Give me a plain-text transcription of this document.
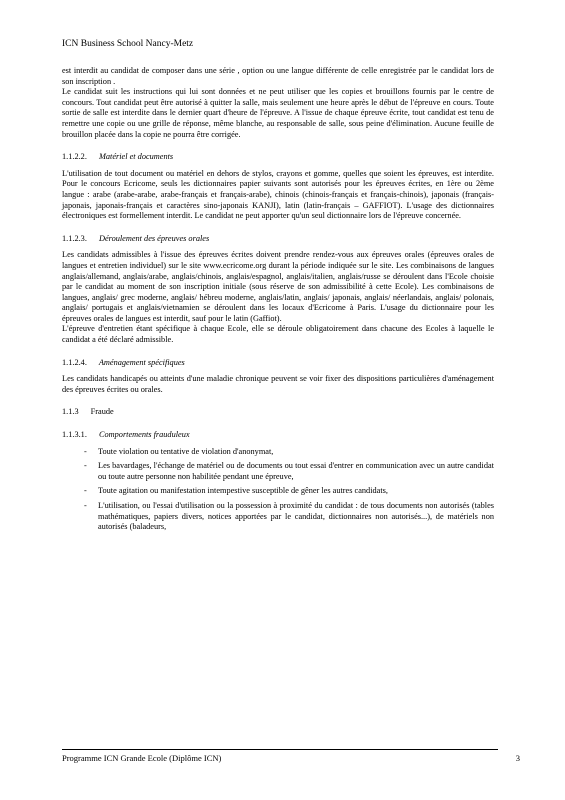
ICN Business School Nancy-Metz

est interdit au candidat de composer dans une série , option ou une langue différente de celle enregistrée par le candidat lors de son inscription .

Le candidat suit les instructions qui lui sont données et ne peut utiliser que les copies et brouillons fournis par le centre de concours. Tout candidat peut être autorisé à quitter la salle, mais seulement une heure après le début de l'épreuve en cours. Toute sortie de salle est interdite dans le dernier quart d'heure de l'épreuve. A l'issue de chaque épreuve écrite, tout candidat est tenu de remettre une copie ou une grille de réponse, même blanche, au responsable de salle, sous peine d'élimination. Aucune feuille de brouillon placée dans la copie ne pourra être corrigée.

1.1.2.2. Matériel et documents

L'utilisation de tout document ou matériel en dehors de stylos, crayons et gomme, quelles que soient les épreuves, est interdite. Pour le concours Ecricome, seuls les dictionnaires papier suivants sont autorisés pour les épreuves écrites, en 1ère ou 2ème langue : arabe (arabe-arabe, arabe-français et français-arabe), chinois (chinois-français et français-chinois), japonais (français-japonais, japonais-français et caractères sino-japonais KANJI), latin (latin-français – GAFFIOT). L'usage des dictionnaires électroniques est formellement interdit. Le candidat ne peut apporter qu'un seul dictionnaire lors de l'épreuve concernée.

1.1.2.3. Déroulement des épreuves orales

Les candidats admissibles à l'issue des épreuves écrites doivent prendre rendez-vous aux épreuves orales (épreuves orales de langues et entretien individuel) sur le site www.ecricome.org durant la période indiquée sur le site. Les combinaisons de langues anglais/allemand, anglais/arabe, anglais/chinois, anglais/espagnol, anglais/italien, anglais/russe se déroulent dans l'Ecole choisie par le candidat au moment de son inscription initiale (sous réserve de son admissibilité à cette Ecole). Les combinaisons de langues, anglais/ grec moderne, anglais/ hébreu moderne, anglais/latin, anglais/ japonais, anglais/ néerlandais, anglais/ polonais, anglais/ portugais et anglais/vietnamien se déroulent dans les locaux d'Ecricome à Paris. L'usage du dictionnaire pour les épreuves orales de langues est interdit, sauf pour le latin (Gaffiot).

L'épreuve d'entretien étant spécifique à chaque Ecole, elle se déroule obligatoirement dans chacune des Ecoles à laquelle le candidat a été déclaré admissible.

1.1.2.4. Aménagement spécifiques

Les candidats handicapés ou atteints d'une maladie chronique peuvent se voir fixer des dispositions particulières d'aménagement des épreuves écrites ou orales.

1.1.3 Fraude
1.1.3.1. Comportements frauduleux
- Toute violation ou tentative de violation d'anonymat,
- Les bavardages, l'échange de matériel ou de documents ou tout essai d'entrer en communication avec un autre candidat ou toute autre personne non habilitée pendant une épreuve,
- Toute agitation ou manifestation intempestive susceptible de gêner les autres candidats,
- L'utilisation, ou l'essai d'utilisation ou la possession à proximité du candidat : de tous documents non autorisés (tables mathématiques, papiers divers, notices apportées par le candidat, dictionnaires non autorisés...), de matériels non autorisés (baladeurs,
Programme ICN Grande Ecole (Diplôme ICN)	3
